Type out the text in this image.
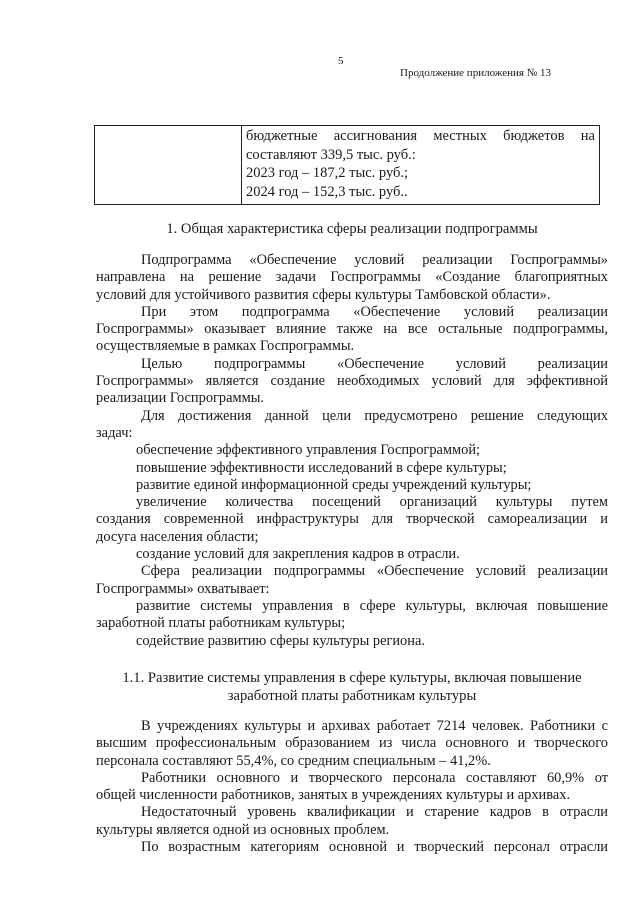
5
Продолжение приложения № 13

бюджетные ассигнования местных бюджетов на
составляют 339,5 тыс. руб.:
2023 год – 187,2 тыс. руб.;
2024 год – 152,3 тыс. руб..
1. Общая характеристика сферы реализации подпрограммы
Подпрограмма «Обеспечение условий реализации Госпрограммы»
направлена на решение задачи Госпрограммы «Создание благоприятных
условий для устойчивого развития сферы культуры Тамбовской области».
При этом подпрограмма «Обеспечение условий реализации
Госпрограммы» оказывает влияние также на все остальные подпрограммы,
осуществляемые в рамках Госпрограммы.
Целью подпрограммы «Обеспечение условий реализации
Госпрограммы» является создание необходимых условий для эффективной
реализации Госпрограммы.
Для достижения данной цели предусмотрено решение следующих
задач:
обеспечение эффективного управления Госпрограммой;
повышение эффективности исследований в сфере культуры;
развитие единой информационной среды учреждений культуры;
увеличение количества посещений организаций культуры путем
создания современной инфраструктуры для творческой самореализации и
досуга населения области;
создание условий для закрепления кадров в отрасли.
Сфера реализации подпрограммы «Обеспечение условий реализации
Госпрограммы» охватывает:
развитие системы управления в сфере культуры, включая повышение
заработной платы работникам культуры;
содействие развитию сферы культуры региона.
1.1. Развитие системы управления в сфере культуры, включая повышение
заработной платы работникам культуры
В учреждениях культуры и архивах работает 7214 человек. Работники с
высшим профессиональным образованием из числа основного и творческого
персонала составляют 55,4%, со средним специальным – 41,2%.
Работники основного и творческого персонала составляют 60,9% от
общей численности работников, занятых в учреждениях культуры и архивах.
Недостаточный уровень квалификации и старение кадров в отрасли
культуры является одной из основных проблем.
По возрастным категориям основной и творческий персонал отрасли
